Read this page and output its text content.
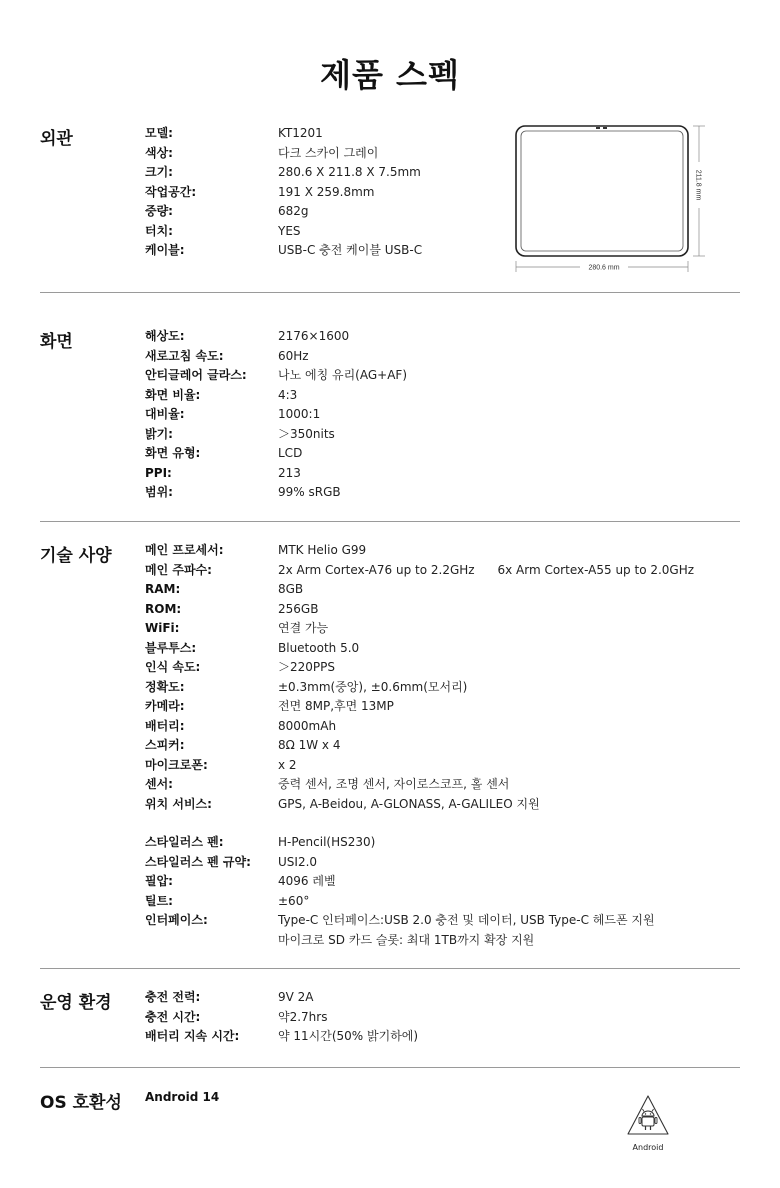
제품 스펙
외관	모델:	KT1201
색상:	다크 스카이 그레이
크기:	280.6 X 211.8 X 7.5mm
작업공간:	191 X 259.8mm
중량:	682g
터치:	YES
케이블:	USB-C 충전 케이블 USB-C
280.6 mm
211.8 mm
화면	해상도:	2176×1600
새로고침 속도:	60Hz
안티글레어 글라스:	나노 에칭 유리(AG+AF)
화면 비율:	4:3
대비율:	1000:1
밝기:	＞350nits
화면 유형:	LCD
PPI:	213
범위:	99% sRGB
기술 사양	메인 프로세서:	MTK Helio G99
메인 주파수:	2x Arm Cortex-A76 up to 2.2GHz      6x Arm Cortex-A55 up to 2.0GHz
RAM:	8GB
ROM:	256GB
WiFi:	연결 가능
블루투스:	Bluetooth 5.0
인식 속도:	＞220PPS
정확도:	±0.3mm(중앙), ±0.6mm(모서리)
카메라:	전면 8MP,후면 13MP
배터리:	8000mAh
스피커:	8Ω 1W x 4
마이크로폰:	x 2
센서:	중력 센서, 조명 센서, 자이로스코프, 홀 센서
위치 서비스:	GPS, A-Beidou, A-GLONASS, A-GALILEO 지원
스타일러스 펜:	H-Pencil(HS230)
스타일러스 펜 규약: USI2.0
필압:	4096 레벨
틸트:	±60°
인터페이스:	Type-C 인터페이스:USB 2.0 충전 및 데이터, USB Type-C 헤드폰 지원
마이크로 SD 카드 슬롯: 최대 1TB까지 확장 지원
운영 환경	충전 전력:	9V 2A
충전 시간:	약2.7hrs
배터리 지속 시간:	약 11시간(50% 밝기하에)
OS 호환성 Android 14
Android
